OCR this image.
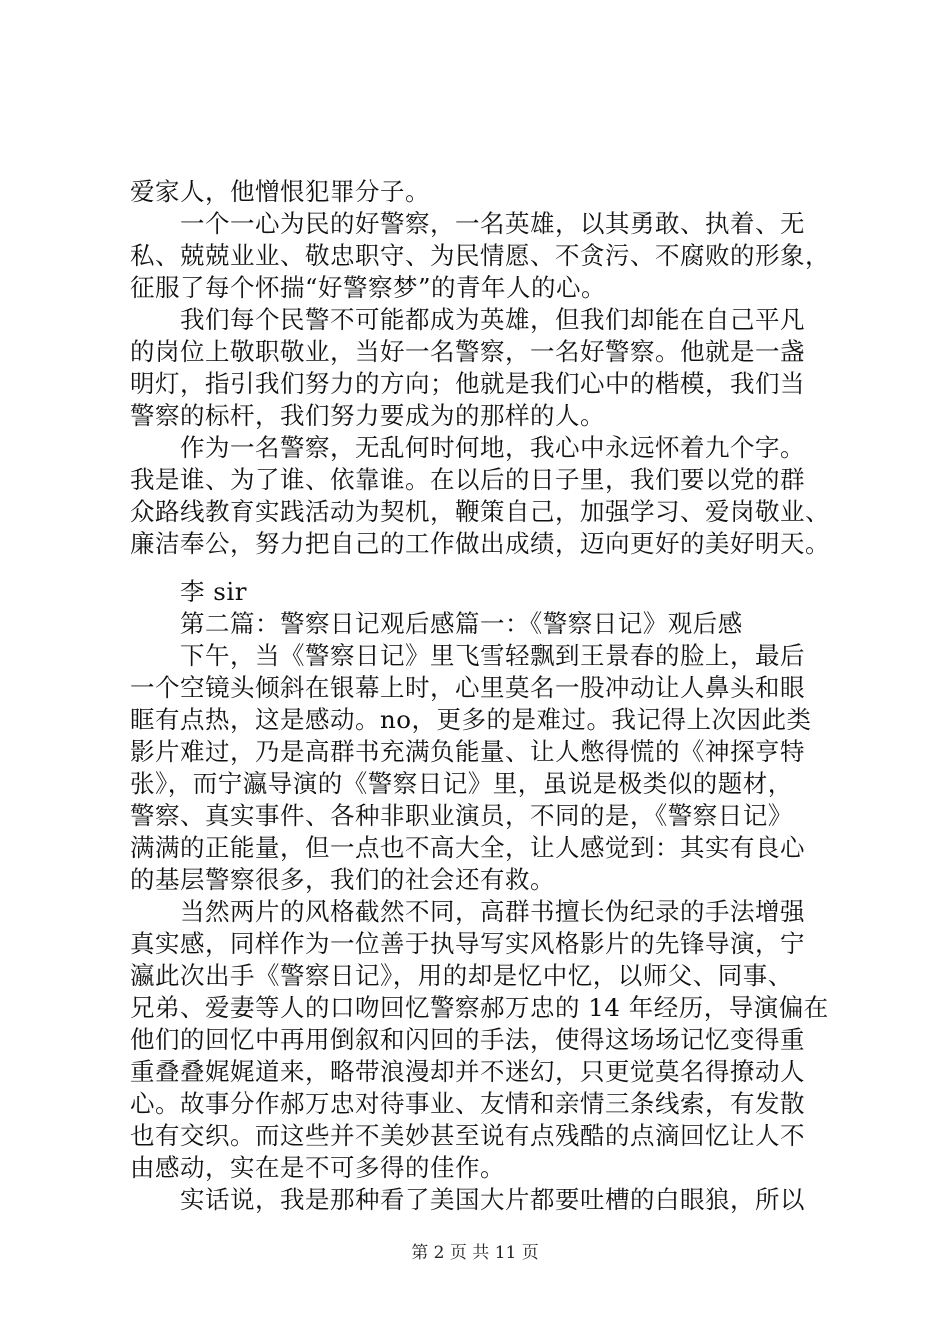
爱家人，他憎恨犯罪分子。
一个一心为民的好警察，一名英雄，以其勇敢、执着、无
私、兢兢业业、敬忠职守、为民情愿、不贪污、不腐败的形象，
征服了每个怀揣“好警察梦”的青年人的心。
我们每个民警不可能都成为英雄，但我们却能在自己平凡
的岗位上敬职敬业，当好一名警察，一名好警察。他就是一盏
明灯，指引我们努力的方向；他就是我们心中的楷模，我们当
警察的标杆，我们努力要成为的那样的人。
作为一名警察，无乱何时何地，我心中永远怀着九个字。
我是谁、为了谁、依靠谁。在以后的日子里，我们要以党的群
众路线教育实践活动为契机，鞭策自己，加强学习、爱岗敬业、
廉洁奉公，努力把自己的工作做出成绩，迈向更好的美好明天。
李 sir
第二篇：警察日记观后感篇一：《警察日记》观后感
下午，当《警察日记》里飞雪轻飘到王景春的脸上，最后
一个空镜头倾斜在银幕上时，心里莫名一股冲动让人鼻头和眼
眶有点热，这是感动。no，更多的是难过。我记得上次因此类
影片难过，乃是高群书充满负能量、让人憋得慌的《神探亨特
张》，而宁瀛导演的《警察日记》里，虽说是极类似的题材，
警察、真实事件、各种非职业演员，不同的是，《警察日记》
满满的正能量，但一点也不高大全，让人感觉到：其实有良心
的基层警察很多，我们的社会还有救。
当然两片的风格截然不同，高群书擅长伪纪录的手法增强
真实感，同样作为一位善于执导写实风格影片的先锋导演，宁
瀛此次出手《警察日记》，用的却是忆中忆，以师父、同事、
兄弟、爱妻等人的口吻回忆警察郝万忠的 14 年经历，导演偏在
他们的回忆中再用倒叙和闪回的手法，使得这场场记忆变得重
重叠叠娓娓道来，略带浪漫却并不迷幻，只更觉莫名得撩动人
心。故事分作郝万忠对待事业、友情和亲情三条线索，有发散
也有交织。而这些并不美妙甚至说有点残酷的点滴回忆让人不
由感动，实在是不可多得的佳作。
实话说，我是那种看了美国大片都要吐槽的白眼狼，所以
第 2 页 共 11 页
